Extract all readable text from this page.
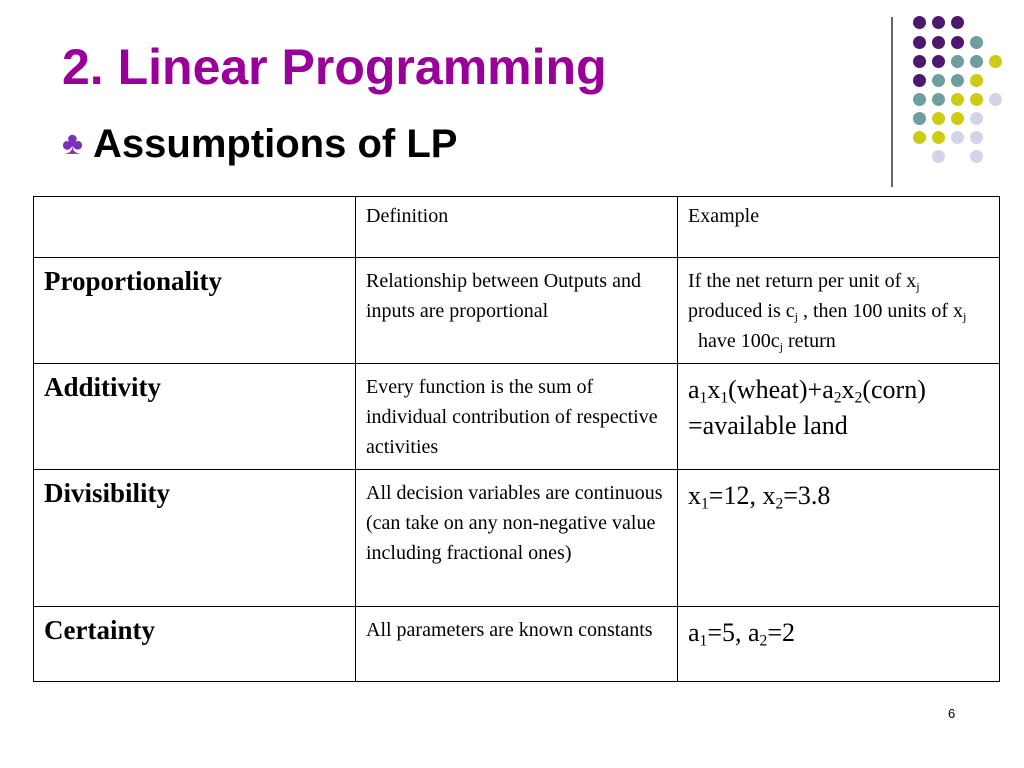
2. Linear Programming
♣ Assumptions of LP
	Definition	Example
Proportionality	Relationship between Outputs and inputs are proportional	If the net return per unit of $x_j$ produced is $c_j$ , then 100 units of $x_j$  have $100c_j$ return
Additivity	Every function is the sum of individual contribution of respective activities	$a_1x_1(wheat)+a_2x_2(corn)$ =available land
Divisibility	All decision variables are continuous (can take on any non-negative value including fractional ones)	$x_1=12$, $x_2=3.8$
Certainty	All parameters are known constants	$a_1=5$, $a_2=2$
6
